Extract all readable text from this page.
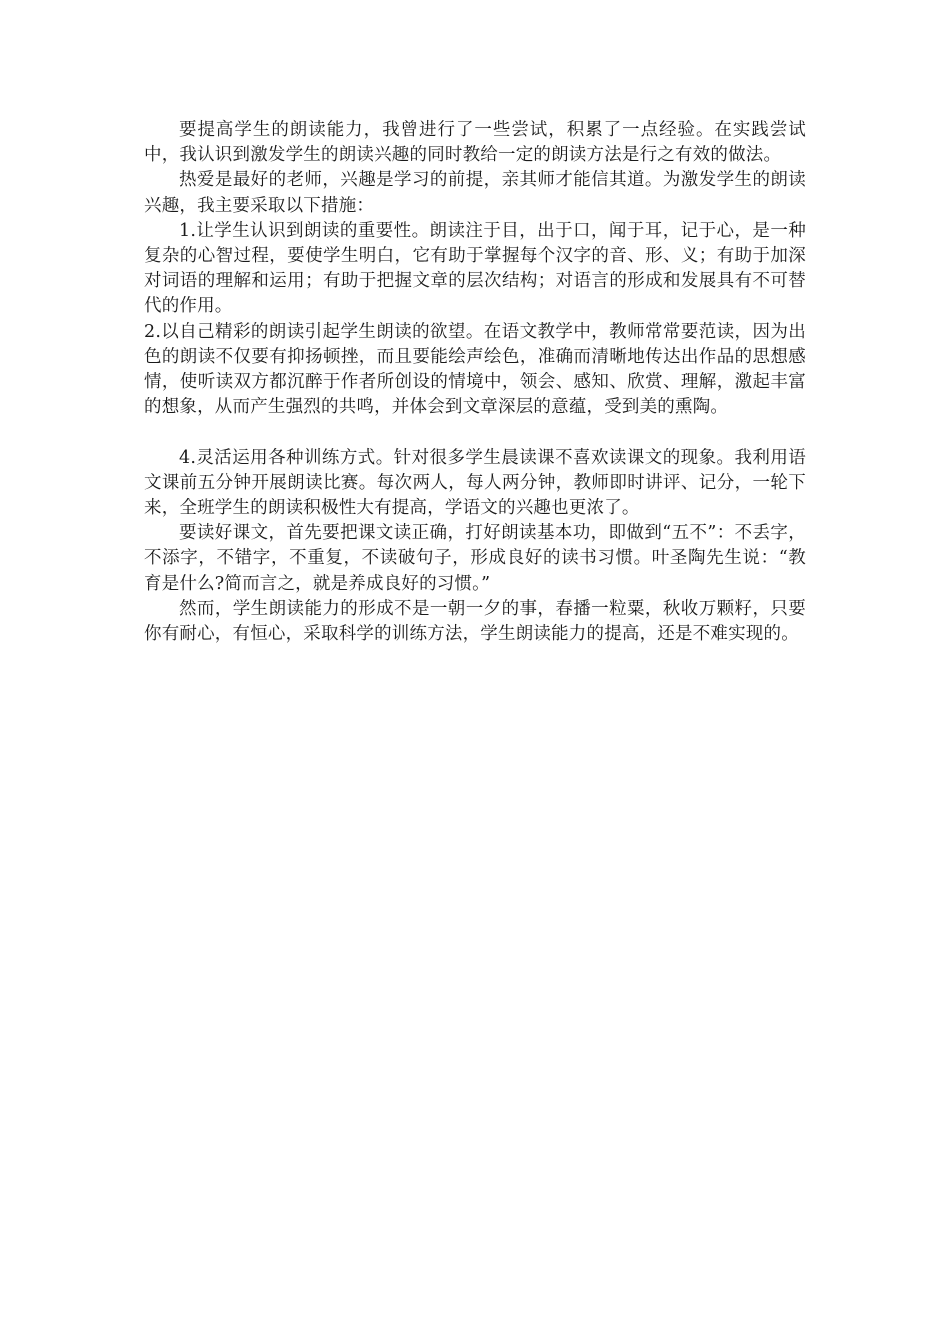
要提高学生的朗读能力，我曾进行了一些尝试，积累了一点经验。在实践尝试中，我认识到激发学生的朗读兴趣的同时教给一定的朗读方法是行之有效的做法。

热爱是最好的老师，兴趣是学习的前提，亲其师才能信其道。为激发学生的朗读兴趣，我主要采取以下措施：

1.让学生认识到朗读的重要性。朗读注于目，出于口，闻于耳，记于心，是一种复杂的心智过程，要使学生明白，它有助于掌握每个汉字的音、形、义；有助于加深对词语的理解和运用；有助于把握文章的层次结构；对语言的形成和发展具有不可替代的作用。

2.以自己精彩的朗读引起学生朗读的欲望。在语文教学中，教师常常要范读，因为出色的朗读不仅要有抑扬顿挫，而且要能绘声绘色，准确而清晰地传达出作品的思想感情，使听读双方都沉醉于作者所创设的情境中，领会、感知、欣赏、理解，激起丰富的想象，从而产生强烈的共鸣，并体会到文章深层的意蕴，受到美的熏陶。

4.灵活运用各种训练方式。针对很多学生晨读课不喜欢读课文的现象。我利用语文课前五分钟开展朗读比赛。每次两人，每人两分钟，教师即时讲评、记分，一轮下来，全班学生的朗读积极性大有提高，学语文的兴趣也更浓了。

要读好课文，首先要把课文读正确，打好朗读基本功，即做到“五不”：不丢字，不添字，不错字，不重复，不读破句子，形成良好的读书习惯。叶圣陶先生说：“教育是什么?简而言之，就是养成良好的习惯。”

然而，学生朗读能力的形成不是一朝一夕的事，春播一粒粟，秋收万颗籽，只要你有耐心，有恒心，采取科学的训练方法，学生朗读能力的提高，还是不难实现的。
